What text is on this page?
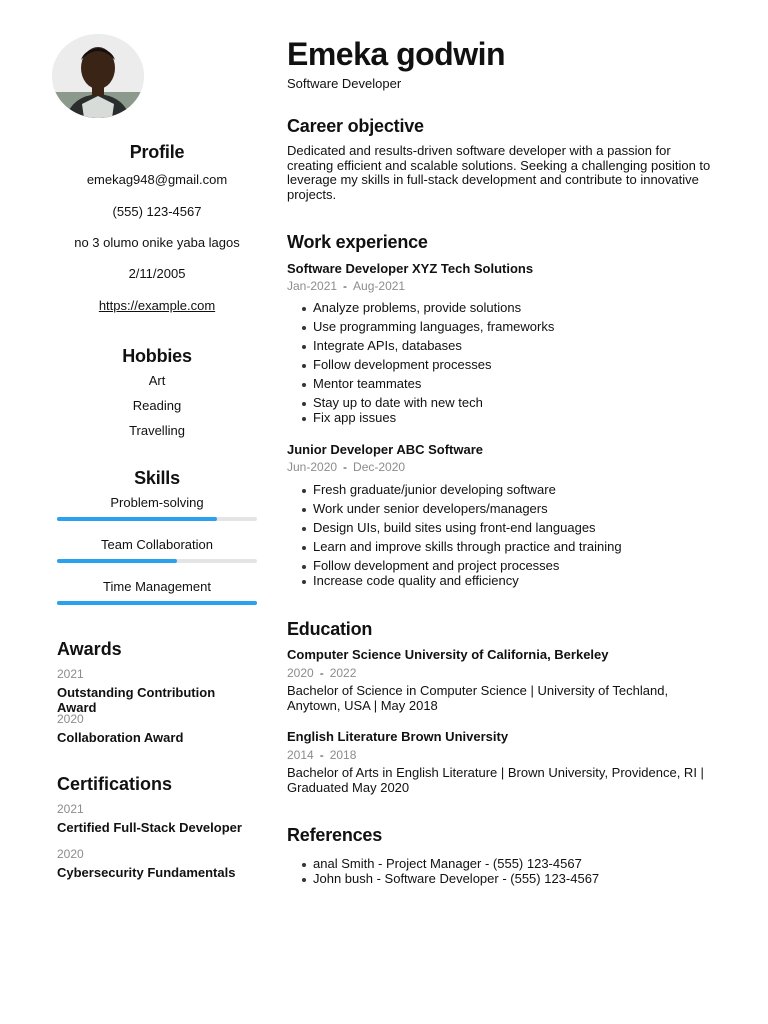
Profile
emekag948@gmail.com
(555) 123-4567
no 3 olumo onike yaba lagos
2/11/2005
https://example.com
Hobbies
Art
Reading
Travelling
Skills
Problem-solving
Team Collaboration
Time Management
Awards
2021
Outstanding Contribution Award
2020
Collaboration Award
Certifications
2021
Certified Full-Stack Developer
2020
Cybersecurity Fundamentals
Emeka godwin
Software Developer
Career objective
Dedicated and results-driven software developer with a passion for creating efficient and scalable solutions. Seeking a challenging position to leverage my skills in full-stack development and contribute to innovative projects.
Work experience
Software Developer XYZ Tech Solutions
Jan-2021 - Aug-2021
Analyze problems, provide solutions
Use programming languages, frameworks
Integrate APIs, databases
Follow development processes
Mentor teammates
Stay up to date with new tech
Fix app issues
Junior Developer ABC Software
Jun-2020 - Dec-2020
Fresh graduate/junior developing software
Work under senior developers/managers
Design UIs, build sites using front-end languages
Learn and improve skills through practice and training
Follow development and project processes
Increase code quality and efficiency
Education
Computer Science University of California, Berkeley
2020 - 2022
Bachelor of Science in Computer Science | University of Techland, Anytown, USA | May 2018
English Literature Brown University
2014 - 2018
Bachelor of Arts in English Literature | Brown University, Providence, RI | Graduated May 2020
References
anal Smith - Project Manager - (555) 123-4567
John bush - Software Developer - (555) 123-4567
